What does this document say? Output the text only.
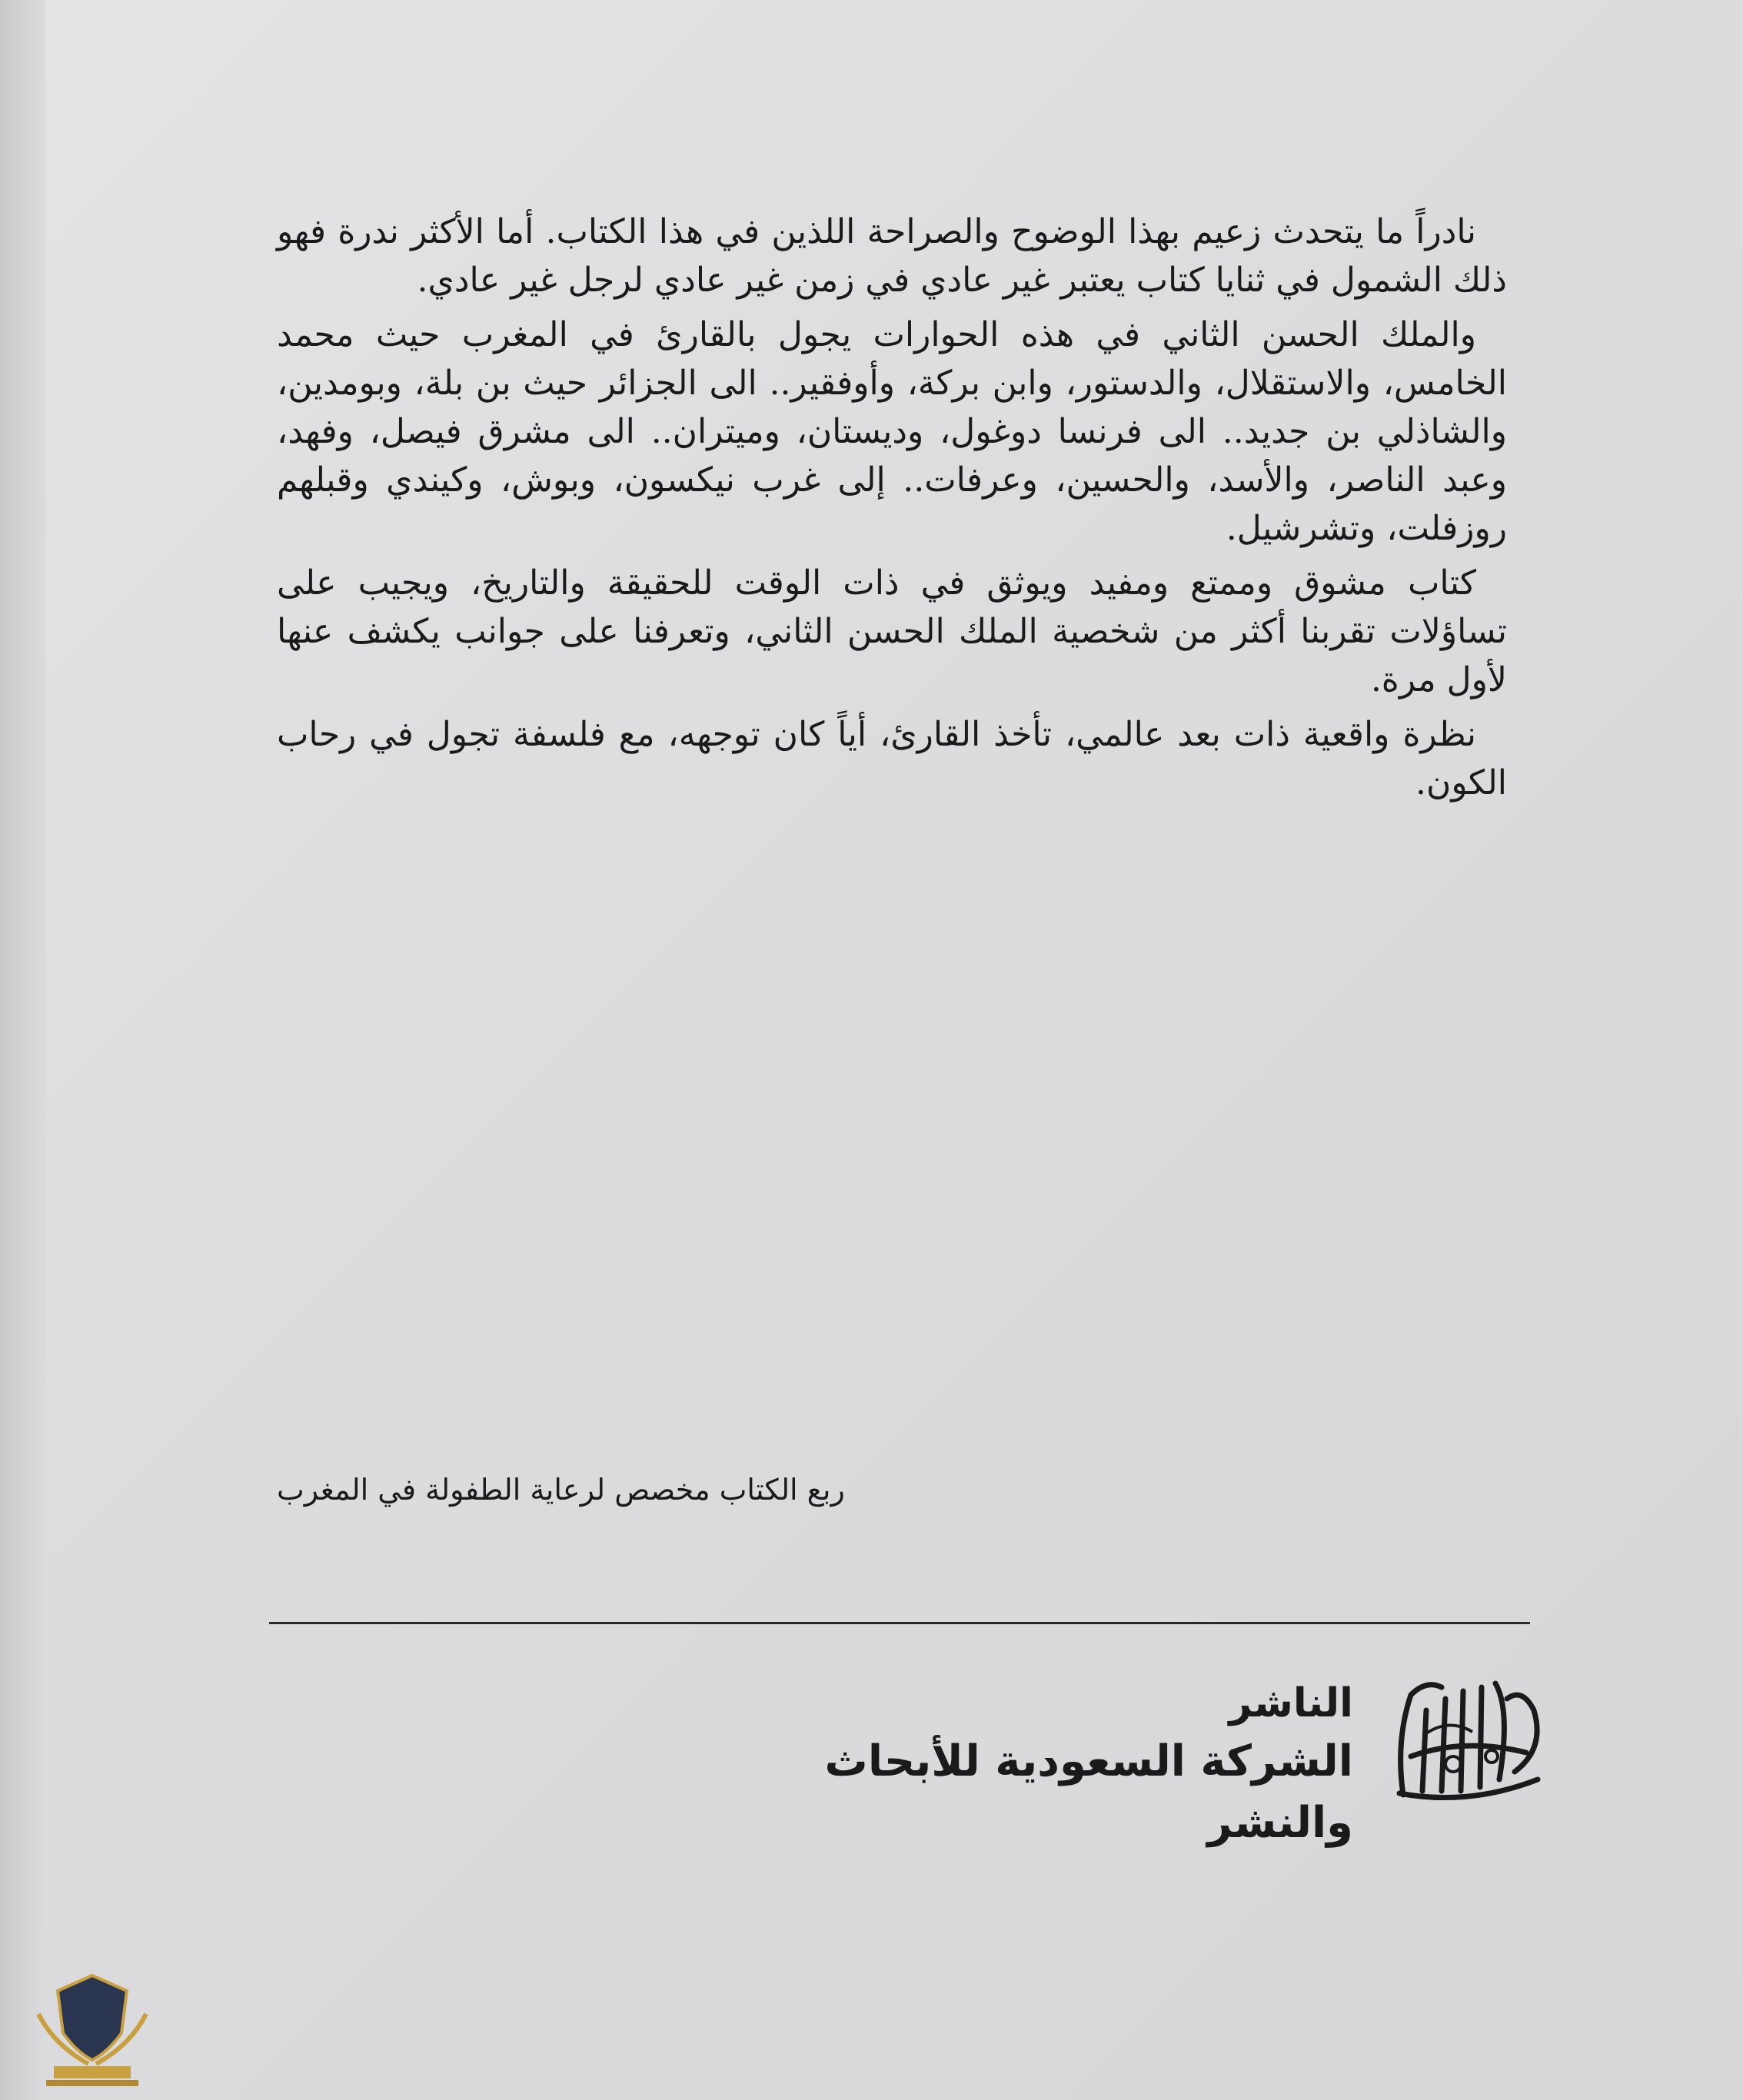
نادراً ما يتحدث زعيم بهذا الوضوح والصراحة اللذين في هذا الكتاب. أما الأكثر ندرة فهو ذلك الشمول في ثنايا كتاب يعتبر غير عادي في زمن غير عادي لرجل غير عادي.

والملك الحسن الثاني في هذه الحوارات يجول بالقارئ في المغرب حيث محمد الخامس، والاستقلال، والدستور، وابن بركة، وأوفقير.. الى الجزائر حيث بن بلة، وبومدين، والشاذلي بن جديد.. الى فرنسا دوغول، وديستان، وميتران.. الى مشرق فيصل، وفهد، وعبد الناصر، والأسد، والحسين، وعرفات.. إلى غرب نيكسون، وبوش، وكيندي وقبلهم روزفلت، وتشرشيل.

كتاب مشوق وممتع ومفيد ويوثق في ذات الوقت للحقيقة والتاريخ، ويجيب على تساؤلات تقربنا أكثر من شخصية الملك الحسن الثاني، وتعرفنا على جوانب يكشف عنها لأول مرة.

نظرة واقعية ذات بعد عالمي، تأخذ القارئ، أياً كان توجهه، مع فلسفة تجول في رحاب الكون.

ربع الكتاب مخصص لرعاية الطفولة في المغرب
الناشر
الشركة السعودية للأبحاث والنشر
